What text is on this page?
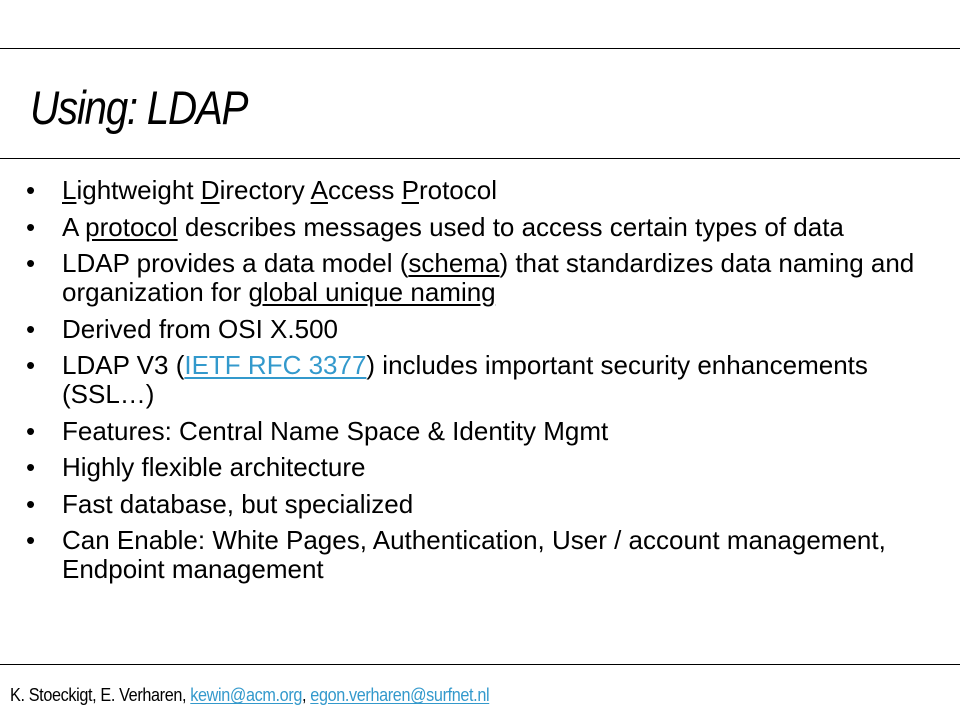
Using: LDAP
•	Lightweight Directory Access Protocol
•	A protocol describes messages used to access certain types of data
•	LDAP provides a data model (schema) that standardizes data naming and organization for global unique naming
•	Derived from OSI X.500
•	LDAP V3 (IETF RFC 3377) includes important security enhancements (SSL…)
•	Features: Central Name Space & Identity Mgmt
•	Highly flexible architecture
•	Fast database, but specialized
•	Can Enable: White Pages, Authentication, User / account management, Endpoint management
K. Stoeckigt, E. Verharen, kewin@acm.org, egon.verharen@surfnet.nl
